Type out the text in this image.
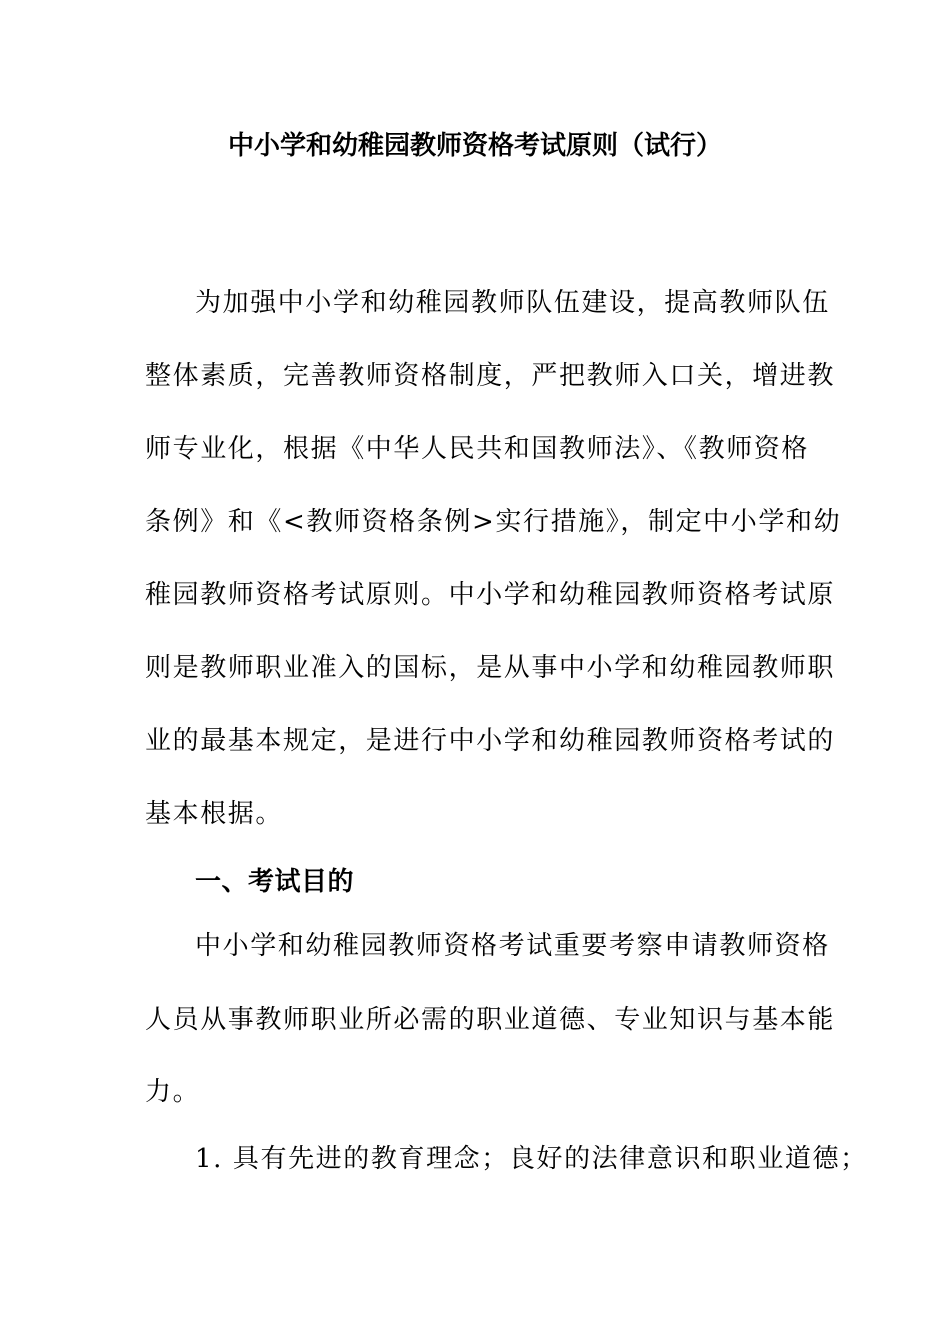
中小学和幼稚园教师资格考试原则（试行）

为加强中小学和幼稚园教师队伍建设，提高教师队伍

整体素质，完善教师资格制度，严把教师入口关，增进教

师专业化，根据《中华人民共和国教师法》、《教师资格

条例》和《<教师资格条例>实行措施》，制定中小学和幼

稚园教师资格考试原则。中小学和幼稚园教师资格考试原

则是教师职业准入的国标，是从事中小学和幼稚园教师职

业的最基本规定，是进行中小学和幼稚园教师资格考试的

基本根据。

一、考试目的

中小学和幼稚园教师资格考试重要考察申请教师资格

人员从事教师职业所必需的职业道德、专业知识与基本能

力。

1. 具有先进的教育理念；良好的法律意识和职业道德；
